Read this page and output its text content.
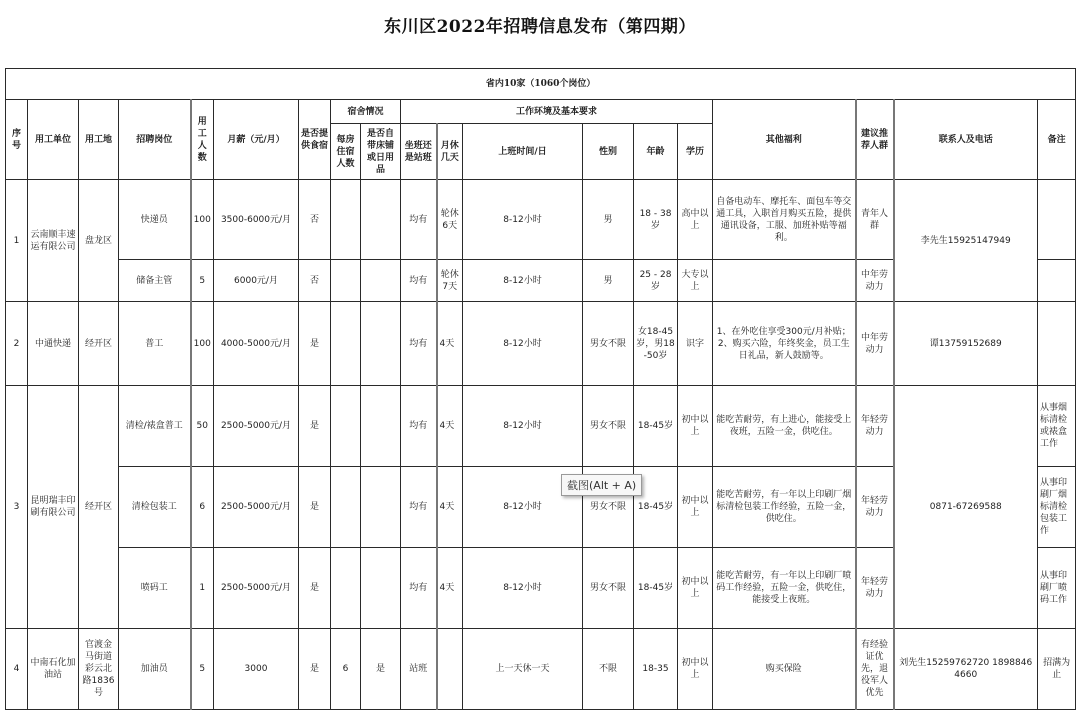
东川区2022年招聘信息发布（第四期）
省内10家（1060个岗位）																		
序号	用工单位	用工地	招聘岗位	用工人数	月薪（元/月）	是否提供食宿	宿舍情况		工作环境及基本要求						其他福利	建议推荐人群	联系人及电话	备注
							每房住宿人数	是否自带床铺或日用品	坐班还是站班	月休几天	上班时间/日	性别	年龄	学历				
1	云南顺丰速运有限公司	盘龙区	快递员	100	3500-6000元/月	否			均有	轮休6天	8-12小时	男	18 - 38岁	高中以上	自备电动车、摩托车、面包车等交通工具，入职首月购买五险，提供通讯设备，工服、加班补贴等福利。	青年人群	李先生15925147949	
			储备主管	5	6000元/月	否			均有	轮休7天	8-12小时	男	25 - 28岁	大专以上		中年劳动力		
2	中通快递	经开区	普工	100	4000-5000元/月	是			均有	4天	8-12小时	男女不限	女18-45岁，男18-50岁	识字	1、在外吃住享受300元/月补贴；2、购买六险，年终奖金，员工生日礼品，新人鼓励等。	中年劳动力	谭13759152689	
3	昆明瑞丰印刷有限公司	经开区	清检/裱盒普工	50	2500-5000元/月	是			均有	4天	8-12小时	男女不限	18-45岁	初中以上	能吃苦耐劳，有上进心，能接受上夜班，五险一金，供吃住。	年轻劳动力	0871-67269588	从事烟标清检或裱盒工作
			清检包装工	6	2500-5000元/月	是			均有	4天	8-12小时	男女不限	18-45岁	初中以上	能吃苦耐劳，有一年以上印刷厂烟标清检包装工作经验，五险一金，供吃住。	年轻劳动力		从事印刷厂烟标清检包装工作
			喷码工	1	2500-5000元/月	是			均有	4天	8-12小时	男女不限	18-45岁	初中以上	能吃苦耐劳，有一年以上印刷厂喷码工作经验，五险一金，供吃住，能接受上夜班。	年轻劳动力		从事印刷厂喷码工作
4	中南石化加油站	官渡金马街道彩云北路1836号	加油员	5	3000	是	6	是	站班		上一天休一天	不限	18-35	初中以上	购买保险	有经验证优先，退役军人优先	刘先生15259762720 18988464660	招满为止
截图(Alt + A)
